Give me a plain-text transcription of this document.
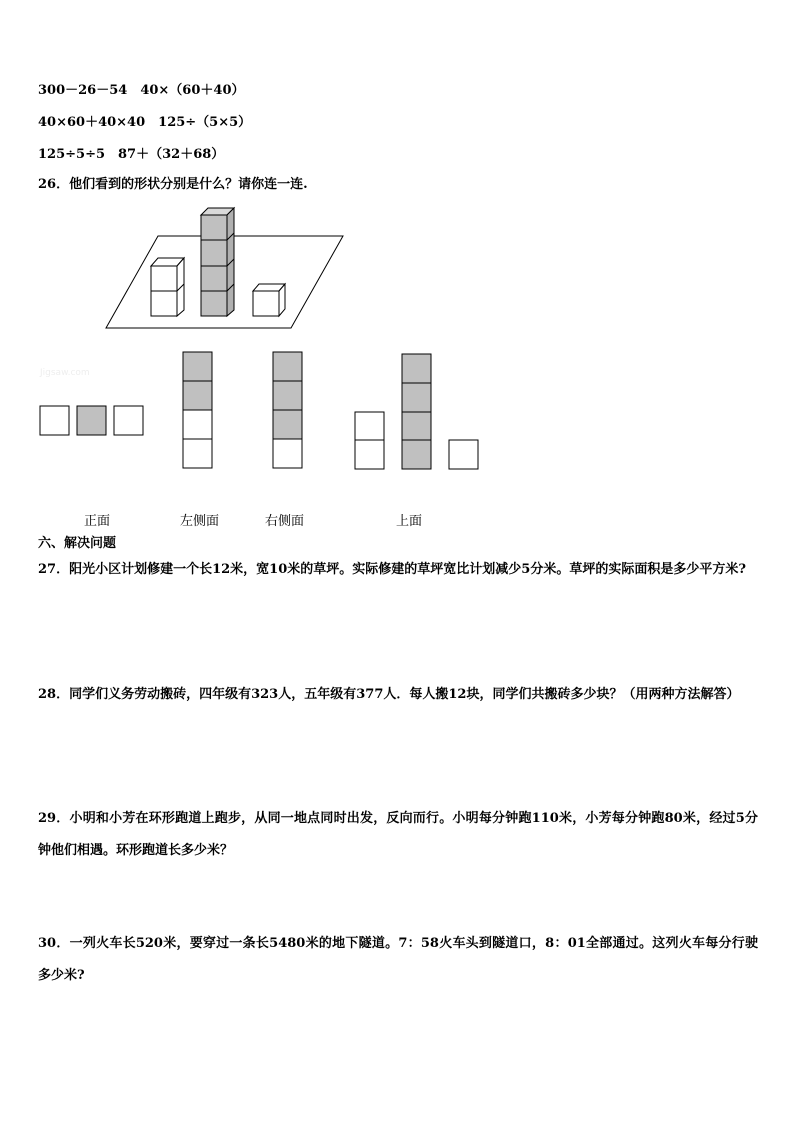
300－26－54　40×（60＋40）
40×60＋40×40　125÷（5×5）
125÷5÷5　87＋（32＋68）
26．他们看到的形状分别是什么？请你连一连.
Jigsaw.com
正面	左侧面	右侧面	上面
六、解决问题
27．阳光小区计划修建一个长12米，宽10米的草坪。实际修建的草坪宽比计划减少5分米。草坪的实际面积是多少平方米?
28．同学们义务劳动搬砖，四年级有323人，五年级有377人．每人搬12块，同学们共搬砖多少块？（用两种方法解答）
29．小明和小芳在环形跑道上跑步，从同一地点同时出发，反向而行。小明每分钟跑110米，小芳每分钟跑80米，经过5分钟他们相遇。环形跑道长多少米？
30．一列火车长520米，要穿过一条长5480米的地下隧道。7：58火车头到隧道口，8：01全部通过。这列火车每分行驶多少米?
